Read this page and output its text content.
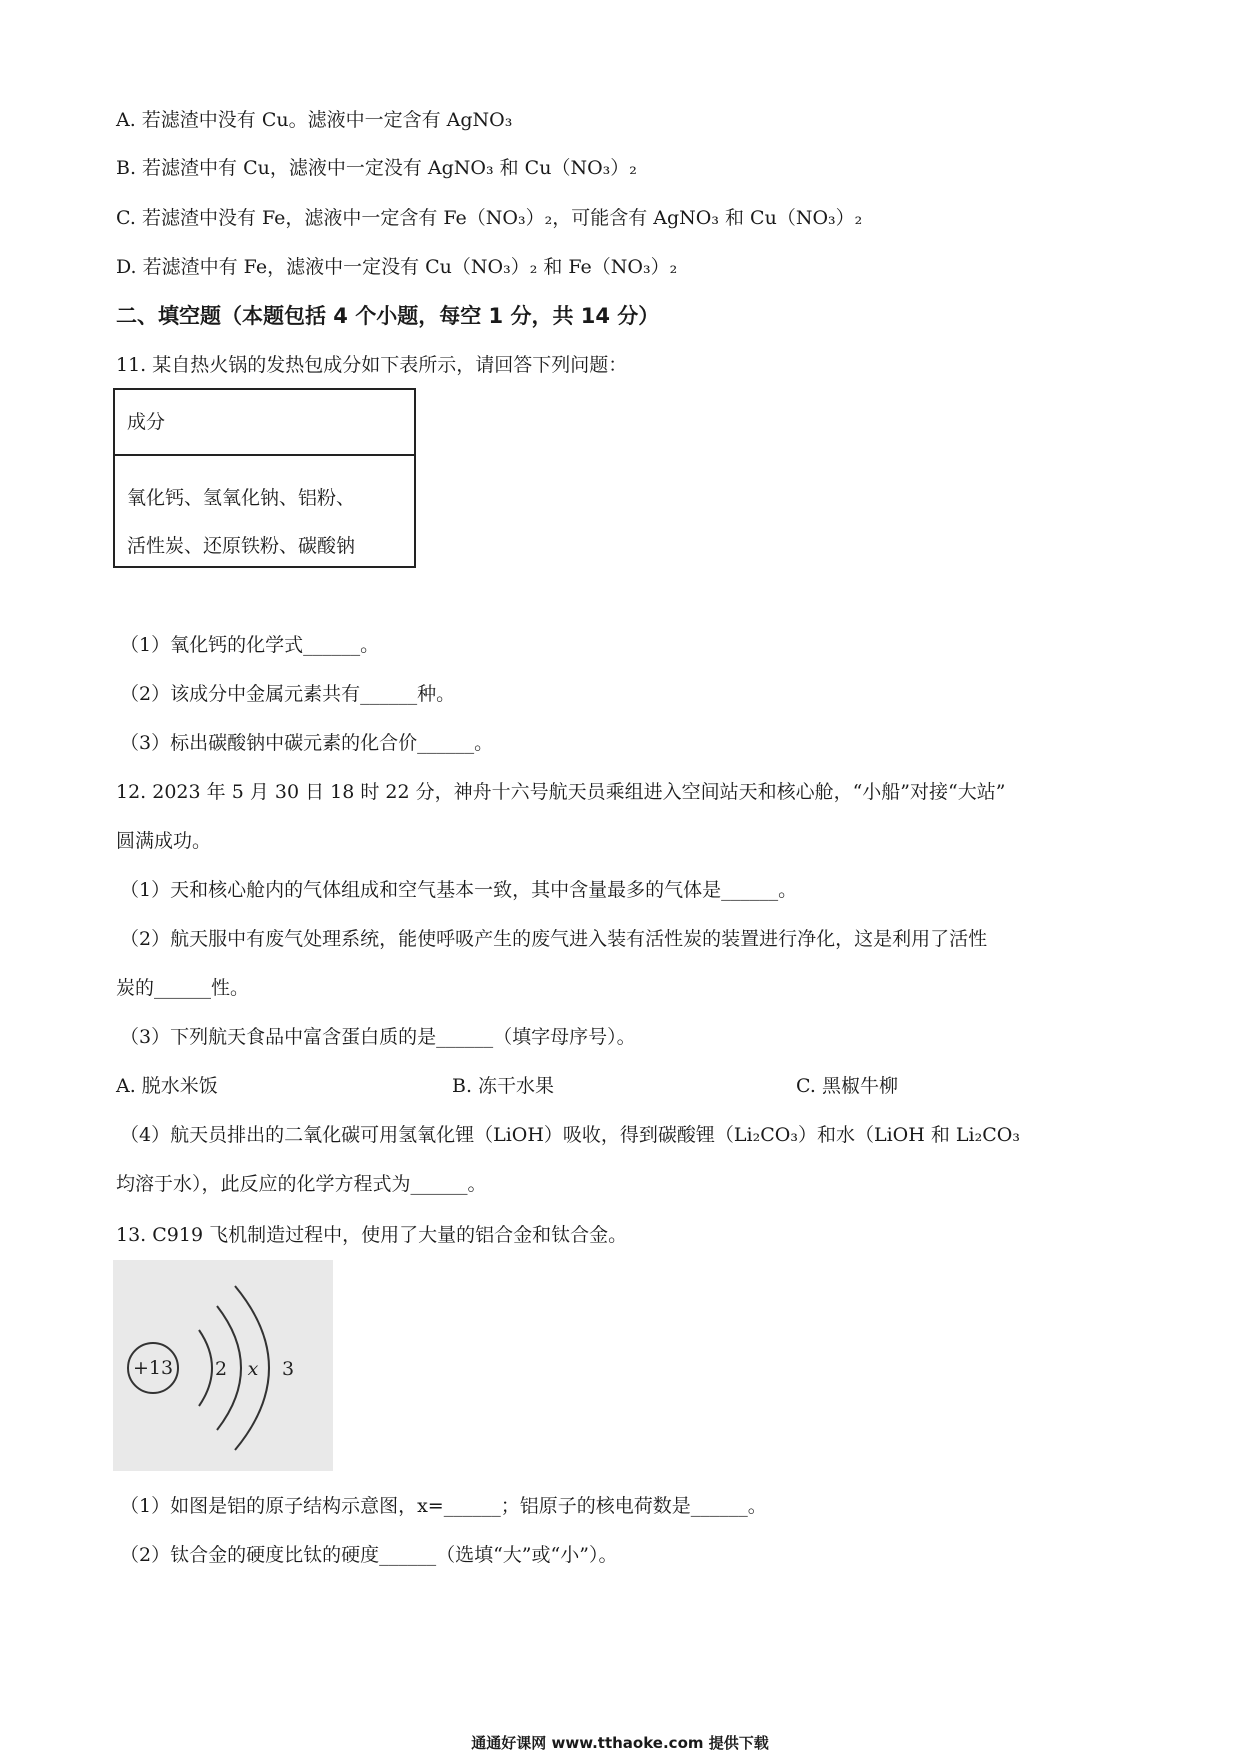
A. 若滤渣中没有 Cu。滤液中一定含有 AgNO₃
B. 若滤渣中有 Cu，滤液中一定没有 AgNO₃ 和 Cu（NO₃）₂
C. 若滤渣中没有 Fe，滤液中一定含有 Fe（NO₃）₂，可能含有 AgNO₃ 和 Cu（NO₃）₂
D. 若滤渣中有 Fe，滤液中一定没有 Cu（NO₃）₂ 和 Fe（NO₃）₂
二、填空题（本题包括 4 个小题，每空 1 分，共 14 分）
11. 某自热火锅的发热包成分如下表所示，请回答下列问题：
成分
氧化钙、氢氧化钠、铝粉、
活性炭、还原铁粉、碳酸钠
（1）氧化钙的化学式______。
（2）该成分中金属元素共有______种。
（3）标出碳酸钠中碳元素的化合价______。
12. 2023 年 5 月 30 日 18 时 22 分，神舟十六号航天员乘组进入空间站天和核心舱，“小船”对接“大站”
圆满成功。
（1）天和核心舱内的气体组成和空气基本一致，其中含量最多的气体是______。
（2）航天服中有废气处理系统，能使呼吸产生的废气进入装有活性炭的装置进行净化，这是利用了活性
炭的______性。
（3）下列航天食品中富含蛋白质的是______（填字母序号）。
A. 脱水米饭	B. 冻干水果	C. 黑椒牛柳
（4）航天员排出的二氧化碳可用氢氧化锂（LiOH）吸收，得到碳酸锂（Li₂CO₃）和水（LiOH 和 Li₂CO₃
均溶于水），此反应的化学方程式为______。
13. C919 飞机制造过程中，使用了大量的铝合金和钛合金。
+13 2 x 3
（1）如图是铝的原子结构示意图，x=______；铝原子的核电荷数是______。
（2）钛合金的硬度比钛的硬度______（选填“大”或“小”）。
通通好课网 www.tthaoke.com 提供下载
